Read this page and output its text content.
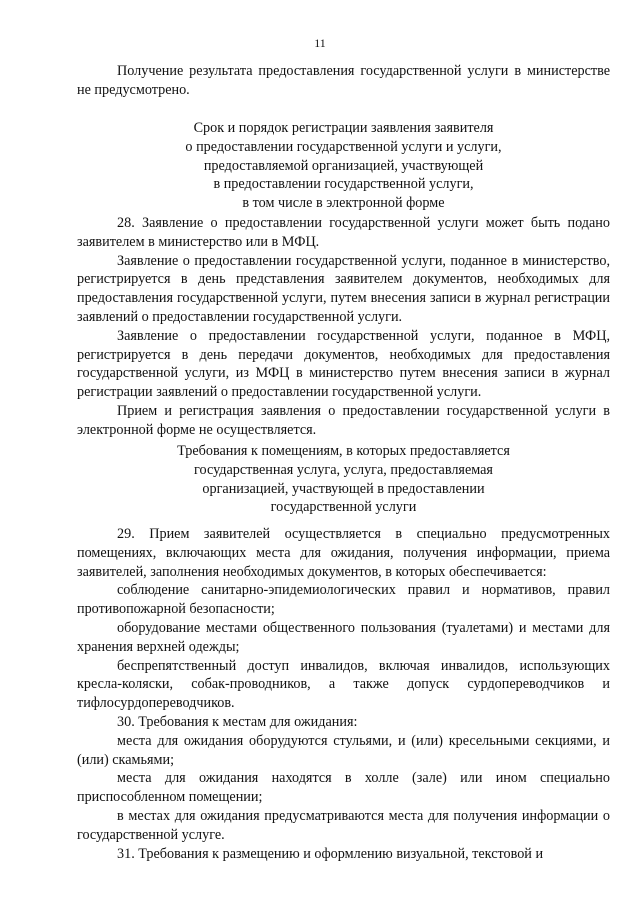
11

Получение результата предоставления государственной услуги в министерстве не предусмотрено.

Срок и порядок регистрации заявления заявителя
о предоставлении государственной услуги и услуги,
предоставляемой организацией, участвующей
в предоставлении государственной услуги,
в том числе в электронной форме

28. Заявление о предоставлении государственной услуги может быть подано заявителем в министерство или в МФЦ.

Заявление о предоставлении государственной услуги, поданное в министерство, регистрируется в день представления заявителем документов, необходимых для предоставления государственной услуги, путем внесения записи в журнал регистрации заявлений о предоставлении государственной услуги.

Заявление о предоставлении государственной услуги, поданное в МФЦ, регистрируется в день передачи документов, необходимых для предоставления государственной услуги, из МФЦ в министерство путем внесения записи в журнал регистрации заявлений о предоставлении государственной услуги.

Прием и регистрация заявления о предоставлении государственной услуги в электронной форме не осуществляется.

Требования к помещениям, в которых предоставляется
государственная услуга, услуга, предоставляемая
организацией, участвующей в предоставлении
государственной услуги

29. Прием заявителей осуществляется в специально предусмотренных помещениях, включающих места для ожидания, получения информации, приема заявителей, заполнения необходимых документов, в которых обеспечивается:

соблюдение санитарно-эпидемиологических правил и нормативов, правил противопожарной безопасности;

оборудование местами общественного пользования (туалетами) и местами для хранения верхней одежды;

беспрепятственный доступ инвалидов, включая инвалидов, использующих кресла-коляски, собак-проводников, а также допуск сурдопереводчиков и тифлосурдопереводчиков.

30. Требования к местам для ожидания:

места для ожидания оборудуются стульями, и (или) кресельными секциями, и (или) скамьями;

места для ожидания находятся в холле (зале) или ином специально приспособленном помещении;

в местах для ожидания предусматриваются места для получения информации о государственной услуге.

31. Требования к размещению и оформлению визуальной, текстовой и
